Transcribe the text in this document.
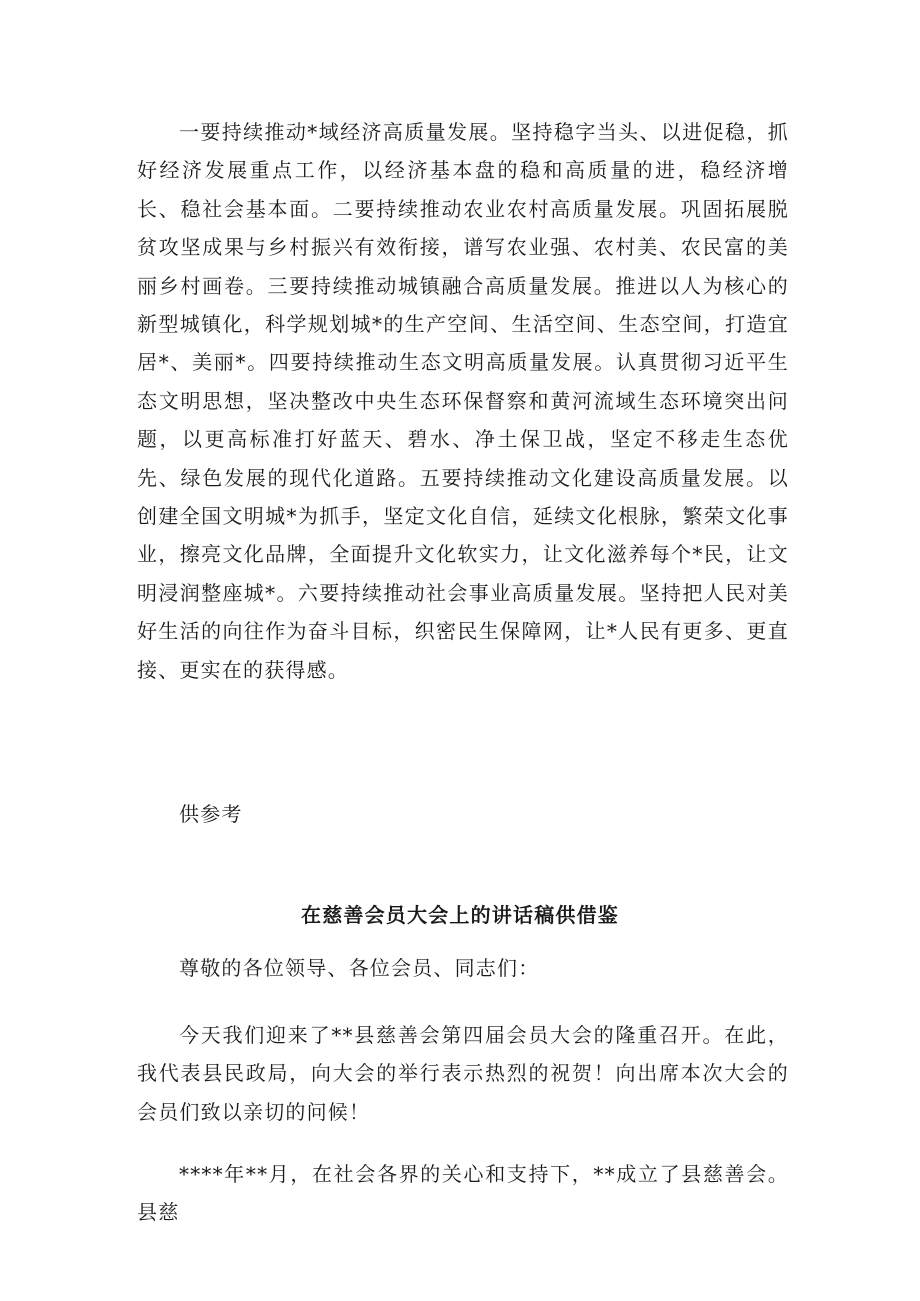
一要持续推动*域经济高质量发展。坚持稳字当头、以进促稳，抓好经济发展重点工作，以经济基本盘的稳和高质量的进，稳经济增长、稳社会基本面。二要持续推动农业农村高质量发展。巩固拓展脱贫攻坚成果与乡村振兴有效衔接，谱写农业强、农村美、农民富的美丽乡村画卷。三要持续推动城镇融合高质量发展。推进以人为核心的新型城镇化，科学规划城*的生产空间、生活空间、生态空间，打造宜居*、美丽*。四要持续推动生态文明高质量发展。认真贯彻习近平生态文明思想，坚决整改中央生态环保督察和黄河流域生态环境突出问题，以更高标准打好蓝天、碧水、净土保卫战，坚定不移走生态优先、绿色发展的现代化道路。五要持续推动文化建设高质量发展。以创建全国文明城*为抓手，坚定文化自信，延续文化根脉，繁荣文化事业，擦亮文化品牌，全面提升文化软实力，让文化滋养每个*民，让文明浸润整座城*。六要持续推动社会事业高质量发展。坚持把人民对美好生活的向往作为奋斗目标，织密民生保障网，让*人民有更多、更直接、更实在的获得感。

供参考

在慈善会员大会上的讲话稿供借鉴

尊敬的各位领导、各位会员、同志们：

今天我们迎来了**县慈善会第四届会员大会的隆重召开。在此，我代表县民政局，向大会的举行表示热烈的祝贺！向出席本次大会的会员们致以亲切的问候！

****年**月，在社会各界的关心和支持下，**成立了县慈善会。县慈
